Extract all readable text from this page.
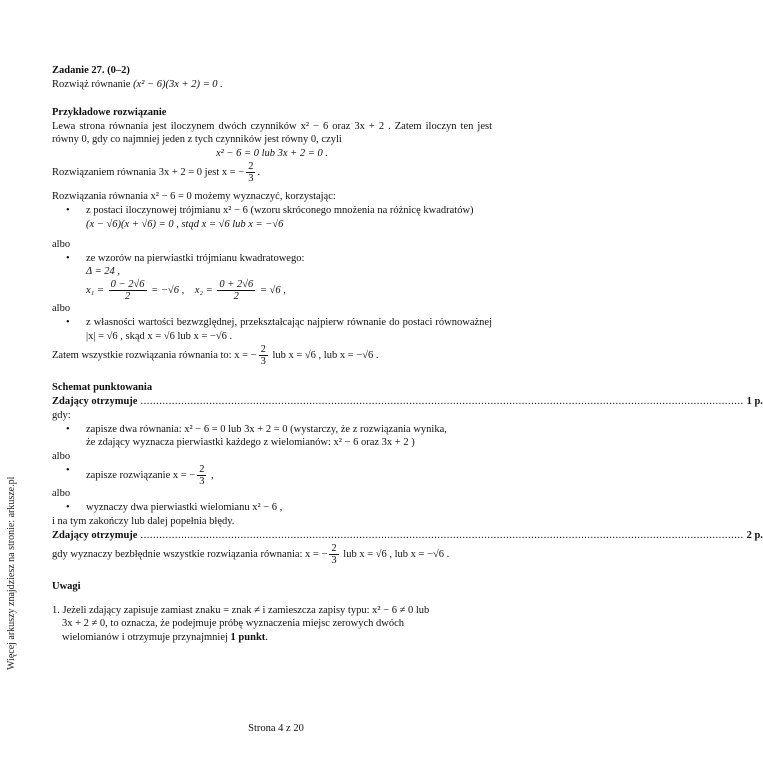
Więcej arkuszy znajdziesz na stronie: arkusze.pl

Zadanie 27. (0–2)

Rozwiąż równanie (x² − 6)(3x + 2) = 0 .

Przykładowe rozwiązanie

Lewa strona równania jest iloczynem dwóch czynników x² − 6 oraz 3x + 2 . Zatem iloczyn ten jest równy 0, gdy co najmniej jeden z tych czynników jest równy 0, czyli

x² − 6 = 0 lub 3x + 2 = 0 .

Rozwiązaniem równania 3x + 2 = 0 jest x = − $\frac{2}{3}$ .

Rozwiązania równania x² − 6 = 0 możemy wyznaczyć, korzystając:

• z postaci iloczynowej trójmianu x² − 6 (wzoru skróconego mnożenia na różnicę kwadratów)

(x − √6)(x + √6) = 0 , stąd x = √6 lub x = −√6

albo

• ze wzorów na pierwiastki trójmianu kwadratowego:

Δ = 24 ,

$x_1 = \frac{0 - 2√6}{2} = -√6$ , $x_2 = \frac{0 + 2√6}{2} = √6$ ,

albo

• z własności wartości bezwzględnej, przekształcając najpierw równanie do postaci równoważnej |x| = √6 , skąd x = √6 lub x = −√6 .

Zatem wszystkie rozwiązania równania to: x = − $\frac{2}{3}$ lub x = √6 , lub x = −√6 .

Schemat punktowania

Zdający otrzymuje ................................................................................................................................................................................................. 1 p.

gdy:

• zapisze dwa równania: x² − 6 = 0 lub 3x + 2 = 0 (wystarczy, że z rozwiązania wynika,

że zdający wyznacza pierwiastki każdego z wielomianów: x² − 6 oraz 3x + 2 )

albo

• zapisze rozwiązanie x = − $\frac{2}{3}$ ,

albo

• wyznaczy dwa pierwiastki wielomianu x² − 6 ,

i na tym zakończy lub dalej popełnia błędy.

Zdający otrzymuje ................................................................................................................................................................................................. 2 p.

gdy wyznaczy bezbłędnie wszystkie rozwiązania równania: x = − $\frac{2}{3}$ lub x = √6 , lub x = −√6 .

Uwagi

1. Jeżeli zdający zapisuje zamiast znaku = znak ≠ i zamieszcza zapisy typu: x² − 6 ≠ 0 lub

3x + 2 ≠ 0, to oznacza, że podejmuje próbę wyznaczenia miejsc zerowych dwóch

wielomianów i otrzymuje przynajmniej 1 punkt.

Strona 4 z 20
